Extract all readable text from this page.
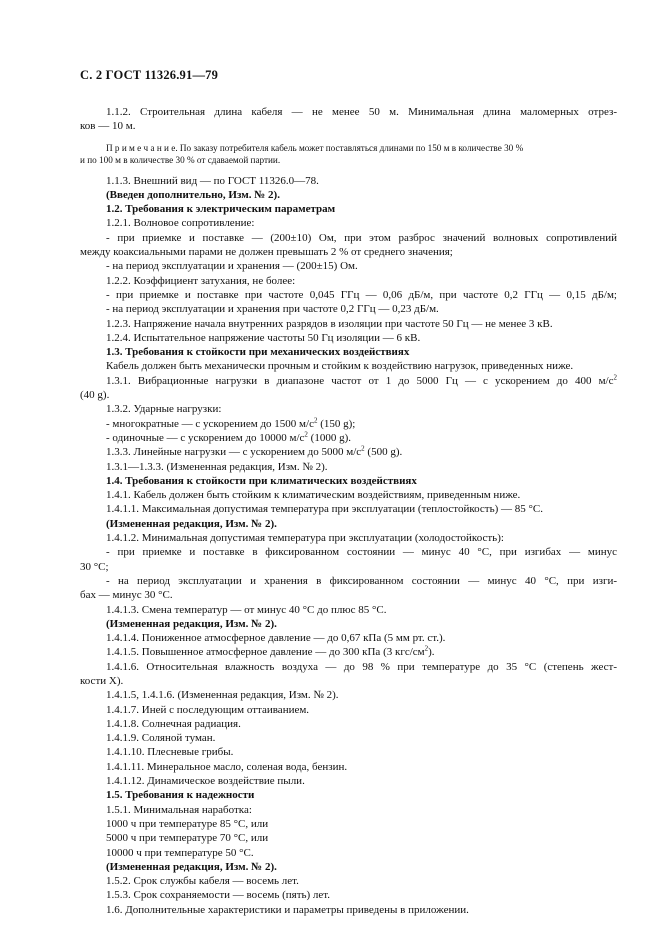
С. 2 ГОСТ 11326.91—79
1.1.2. Строительная длина кабеля — не менее 50 м. Минимальная длина маломерных отрез-
ков — 10 м.
П р и м е ч а н и е. По заказу потребителя кабель может поставляться длинами по 150 м в количестве 30 %
и по 100 м в количестве 30 % от сдаваемой партии.
1.1.3. Внешний вид — по ГОСТ 11326.0—78.
(Введен дополнительно, Изм. № 2).
1.2. Требования к электрическим параметрам
1.2.1. Волновое сопротивление:
- при приемке и поставке — (200±10) Ом, при этом разброс значений волновых сопротивлений
между коаксиальными парами не должен превышать 2 % от среднего значения;
- на период эксплуатации и хранения — (200±15) Ом.
1.2.2. Коэффициент затухания, не более:
- при приемке и поставке при частоте 0,045 ГГц — 0,06 дБ/м, при частоте 0,2 ГГц — 0,15 дБ/м;
- на период эксплуатации и хранения при частоте 0,2 ГГц — 0,23 дБ/м.
1.2.3. Напряжение начала внутренних разрядов в изоляции при частоте 50 Гц — не менее 3 кВ.
1.2.4. Испытательное напряжение частоты 50 Гц изоляции — 6 кВ.
1.3. Требования к стойкости при механических воздействиях
Кабель должен быть механически прочным и стойким к воздействию нагрузок, приведенных ниже.
1.3.1. Вибрационные нагрузки в диапазоне частот от 1 до 5000 Гц — с ускорением до 400 $м/с^2$
(40 g).
1.3.2. Ударные нагрузки:
- многократные — с ускорением до 1500 $м/с^2$ (150 g);
- одиночные — с ускорением до 10000 $м/с^2$ (1000 g).
1.3.3. Линейные нагрузки — с ускорением до 5000 $м/с^2$ (500 g).
1.3.1—1.3.3. (Измененная редакция, Изм. № 2).
1.4. Требования к стойкости при климатических воздействиях
1.4.1. Кабель должен быть стойким к климатическим воздействиям, приведенным ниже.
1.4.1.1. Максимальная допустимая температура при эксплуатации (теплостойкость) — 85 °С.
(Измененная редакция, Изм. № 2).
1.4.1.2. Минимальная допустимая температура при эксплуатации (холодостойкость):
- при приемке и поставке в фиксированном состоянии — минус 40 °С, при изгибах — минус
30 °С;
- на период эксплуатации и хранения в фиксированном состоянии — минус 40 °С, при изги-
бах — минус 30 °С.
1.4.1.3. Смена температур — от минус 40 °С до плюс 85 °С.
(Измененная редакция, Изм. № 2).
1.4.1.4. Пониженное атмосферное давление — до 0,67 кПа (5 мм рт. ст.).
1.4.1.5. Повышенное атмосферное давление — до 300 кПа (3 кгс/$см^2$).
1.4.1.6. Относительная влажность воздуха — до 98 % при температуре до 35 °С (степень жест-
кости Х).
1.4.1.5, 1.4.1.6. (Измененная редакция, Изм. № 2).
1.4.1.7. Иней с последующим оттаиванием.
1.4.1.8. Солнечная радиация.
1.4.1.9. Соляной туман.
1.4.1.10. Плесневые грибы.
1.4.1.11. Минеральное масло, соленая вода, бензин.
1.4.1.12. Динамическое воздействие пыли.
1.5. Требования к надежности
1.5.1. Минимальная наработка:
1000 ч при температуре 85 °С, или
5000 ч при температуре 70 °С, или
10000 ч при температуре 50 °С.
(Измененная редакция, Изм. № 2).
1.5.2. Срок службы кабеля — восемь лет.
1.5.3. Срок сохраняемости — восемь (пять) лет.
1.6. Дополнительные характеристики и параметры приведены в приложении.
